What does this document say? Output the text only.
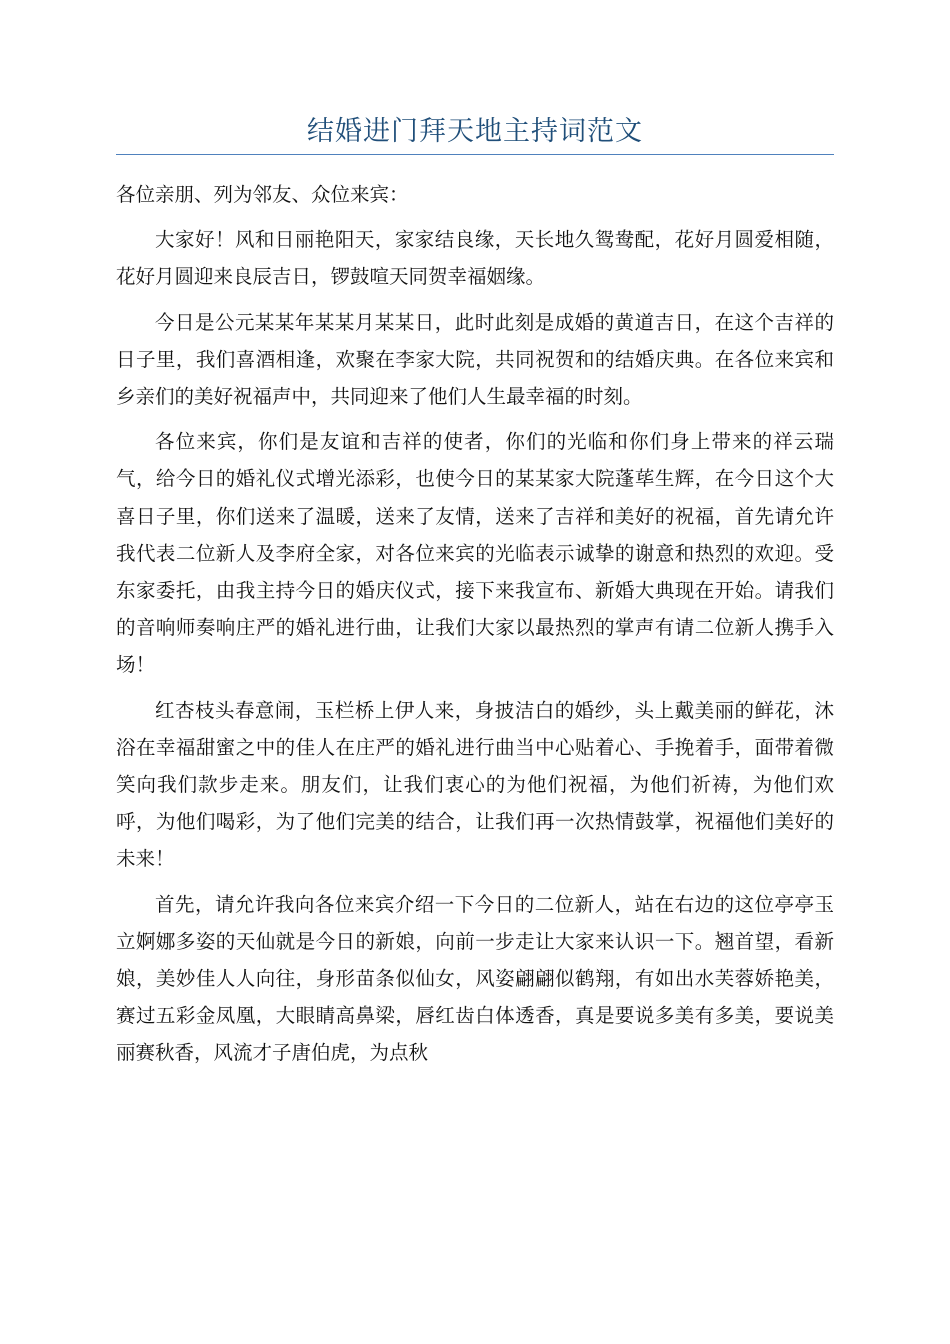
结婚进门拜天地主持词范文

各位亲朋、列为邻友、众位来宾：

大家好！风和日丽艳阳天，家家结良缘，天长地久鸳鸯配，花好月圆爱相随，花好月圆迎来良辰吉日，锣鼓喧天同贺幸福姻缘。

今日是公元某某年某某月某某日，此时此刻是成婚的黄道吉日，在这个吉祥的日子里，我们喜酒相逢，欢聚在李家大院，共同祝贺和的结婚庆典。在各位来宾和乡亲们的美好祝福声中，共同迎来了他们人生最幸福的时刻。

各位来宾，你们是友谊和吉祥的使者，你们的光临和你们身上带来的祥云瑞气，给今日的婚礼仪式增光添彩，也使今日的某某家大院蓬荜生辉，在今日这个大喜日子里，你们送来了温暖，送来了友情，送来了吉祥和美好的祝福，首先请允许我代表二位新人及李府全家，对各位来宾的光临表示诚挚的谢意和热烈的欢迎。受东家委托，由我主持今日的婚庆仪式，接下来我宣布、新婚大典现在开始。请我们的音响师奏响庄严的婚礼进行曲，让我们大家以最热烈的掌声有请二位新人携手入场！

红杏枝头春意闹，玉栏桥上伊人来，身披洁白的婚纱，头上戴美丽的鲜花，沐浴在幸福甜蜜之中的佳人在庄严的婚礼进行曲当中心贴着心、手挽着手，面带着微笑向我们款步走来。朋友们，让我们衷心的为他们祝福，为他们祈祷，为他们欢呼，为他们喝彩，为了他们完美的结合，让我们再一次热情鼓掌，祝福他们美好的未来！

首先，请允许我向各位来宾介绍一下今日的二位新人，站在右边的这位亭亭玉立婀娜多姿的天仙就是今日的新娘，向前一步走让大家来认识一下。翘首望，看新娘，美妙佳人人向往，身形苗条似仙女，风姿翩翩似鹤翔，有如出水芙蓉娇艳美，赛过五彩金凤凰，大眼睛高鼻梁，唇红齿白体透香，真是要说多美有多美，要说美丽赛秋香，风流才子唐伯虎，为点秋
